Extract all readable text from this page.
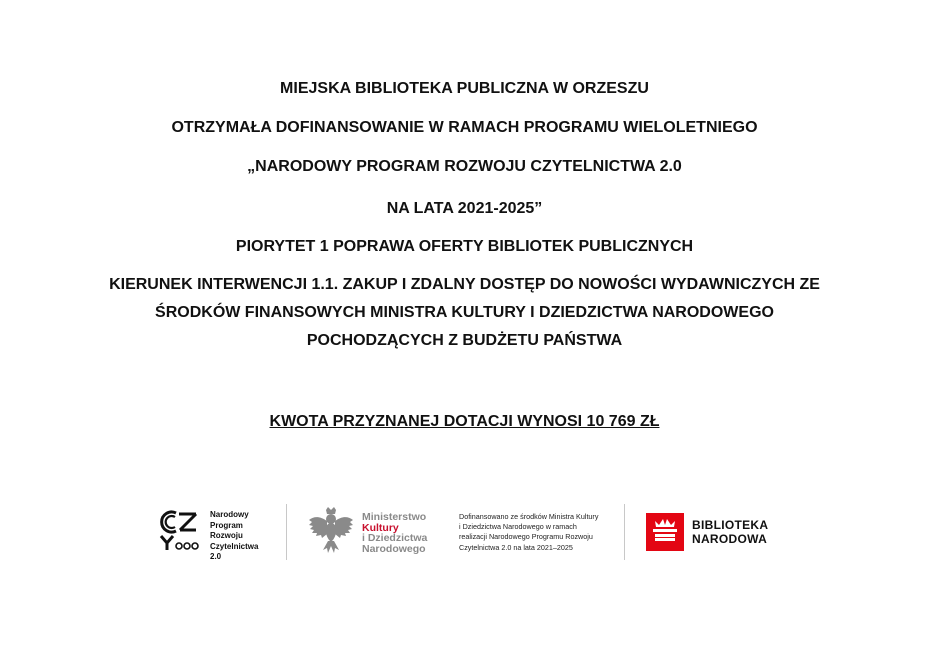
MIEJSKA BIBLIOTEKA PUBLICZNA W ORZESZU
OTRZYMAŁA DOFINANSOWANIE W RAMACH PROGRAMU WIELOLETNIEGO
„NARODOWY PROGRAM ROZWOJU CZYTELNICTWA 2.0
NA LATA 2021-2025”
PIORYTET 1 POPRAWA OFERTY BIBLIOTEK PUBLICZNYCH
KIERUNEK INTERWENCJI 1.1. ZAKUP I ZDALNY DOSTĘP DO NOWOŚCI WYDAWNICZYCH ZE
ŚRODKÓW FINANSOWYCH MINISTRA KULTURY I DZIEDZICTWA NARODOWEGO
POCHODZĄCYCH Z BUDŻETU PAŃSTWA
KWOTA PRZYZNANEJ DOTACJI WYNOSI 10 769 ZŁ
Narodowy
Program
Rozwoju
Czytelnictwa
2.0
Ministerstwo
Kultury
i Dziedzictwa
Narodowego
Dofinansowano ze środków Ministra Kultury
i Dziedzictwa Narodowego w ramach
realizacji Narodowego Programu Rozwoju
Czytelnictwa 2.0 na lata 2021–2025
BIBLIOTEKA
NARODOWA
